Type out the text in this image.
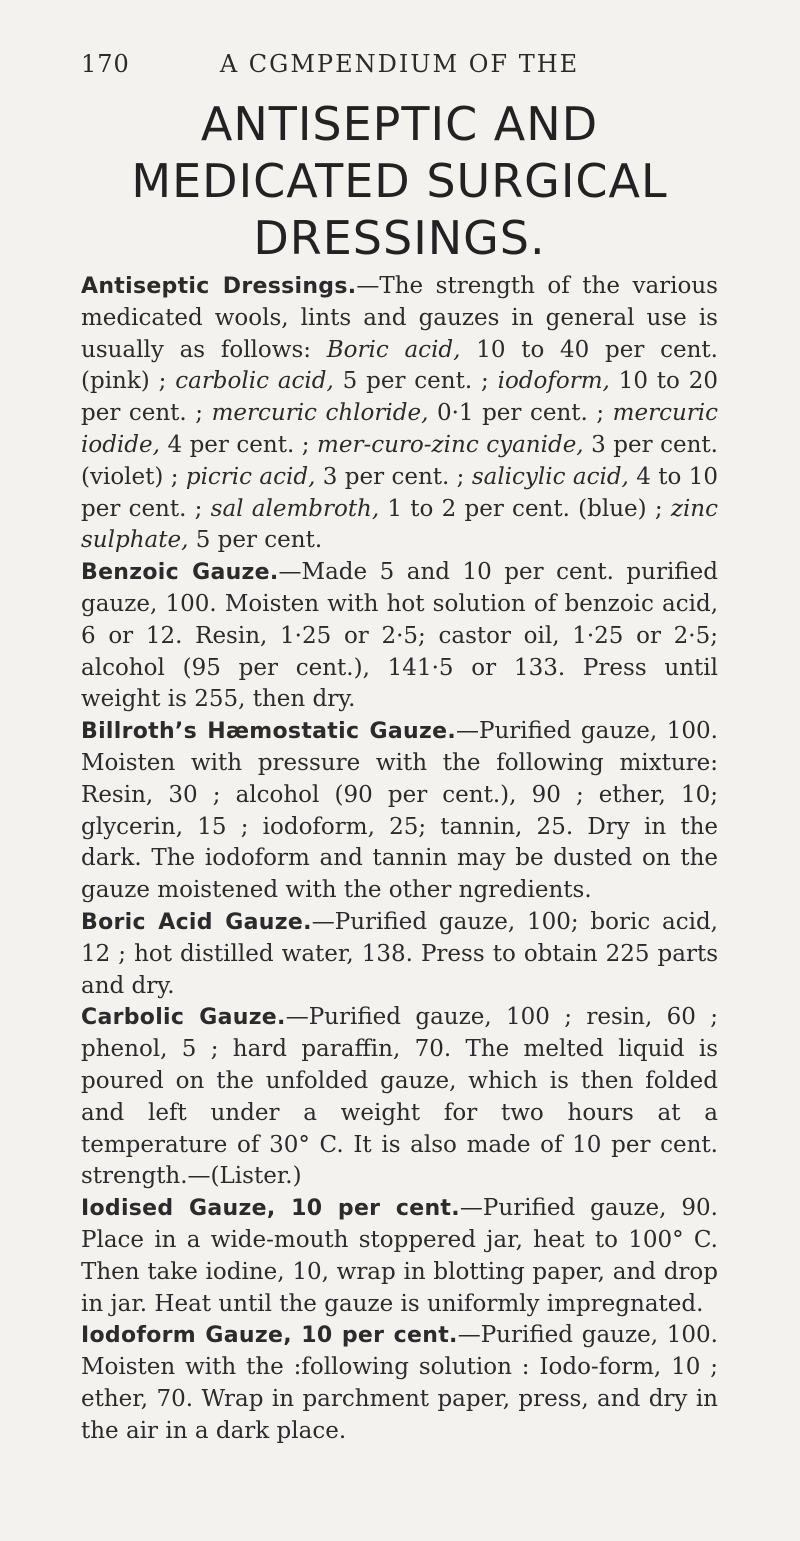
170	A CGMPENDIUM OF THE
ANTISEPTIC AND
MEDICATED SURGICAL
DRESSINGS.

Antiseptic Dressings.—The strength of the various medicated wools, lints and gauzes in general use is usually as follows: Boric acid, 10 to 40 per cent. (pink) ; carbolic acid, 5 per cent. ; iodoform, 10 to 20 per cent. ; mercuric chloride, 0·1 per cent. ; mercuric iodide, 4 per cent. ; mer-curo-zinc cyanide, 3 per cent. (violet) ; picric acid, 3 per cent. ; salicylic acid, 4 to 10 per cent. ; sal alembroth, 1 to 2 per cent. (blue) ; zinc sulphate, 5 per cent.

Benzoic Gauze.—Made 5 and 10 per cent. purified gauze, 100. Moisten with hot solution of benzoic acid, 6 or 12. Resin, 1·25 or 2·5; castor oil, 1·25 or 2·5; alcohol (95 per cent.), 141·5 or 133. Press until weight is 255, then dry.

Billroth’s Hæmostatic Gauze.—Purified gauze, 100. Moisten with pressure with the following mixture: Resin, 30 ; alcohol (90 per cent.), 90 ; ether, 10; glycerin, 15 ; iodoform, 25; tannin, 25. Dry in the dark. The iodoform and tannin may be dusted on the gauze moistened with the other ngredients.

Boric Acid Gauze.—Purified gauze, 100; boric acid, 12 ; hot distilled water, 138. Press to obtain 225 parts and dry.

Carbolic Gauze.—Purified gauze, 100 ; resin, 60 ; phenol, 5 ; hard paraffin, 70. The melted liquid is poured on the unfolded gauze, which is then folded and left under a weight for two hours at a temperature of 30° C. It is also made of 10 per cent. strength.—(Lister.)

Iodised Gauze, 10 per cent.—Purified gauze, 90. Place in a wide-mouth stoppered jar, heat to 100° C. Then take iodine, 10, wrap in blotting paper, and drop in jar. Heat until the gauze is uniformly impregnated.

Iodoform Gauze, 10 per cent.—Purified gauze, 100. Moisten with the :following solution : Iodo-form, 10 ; ether, 70. Wrap in parchment paper, press, and dry in the air in a dark place.
